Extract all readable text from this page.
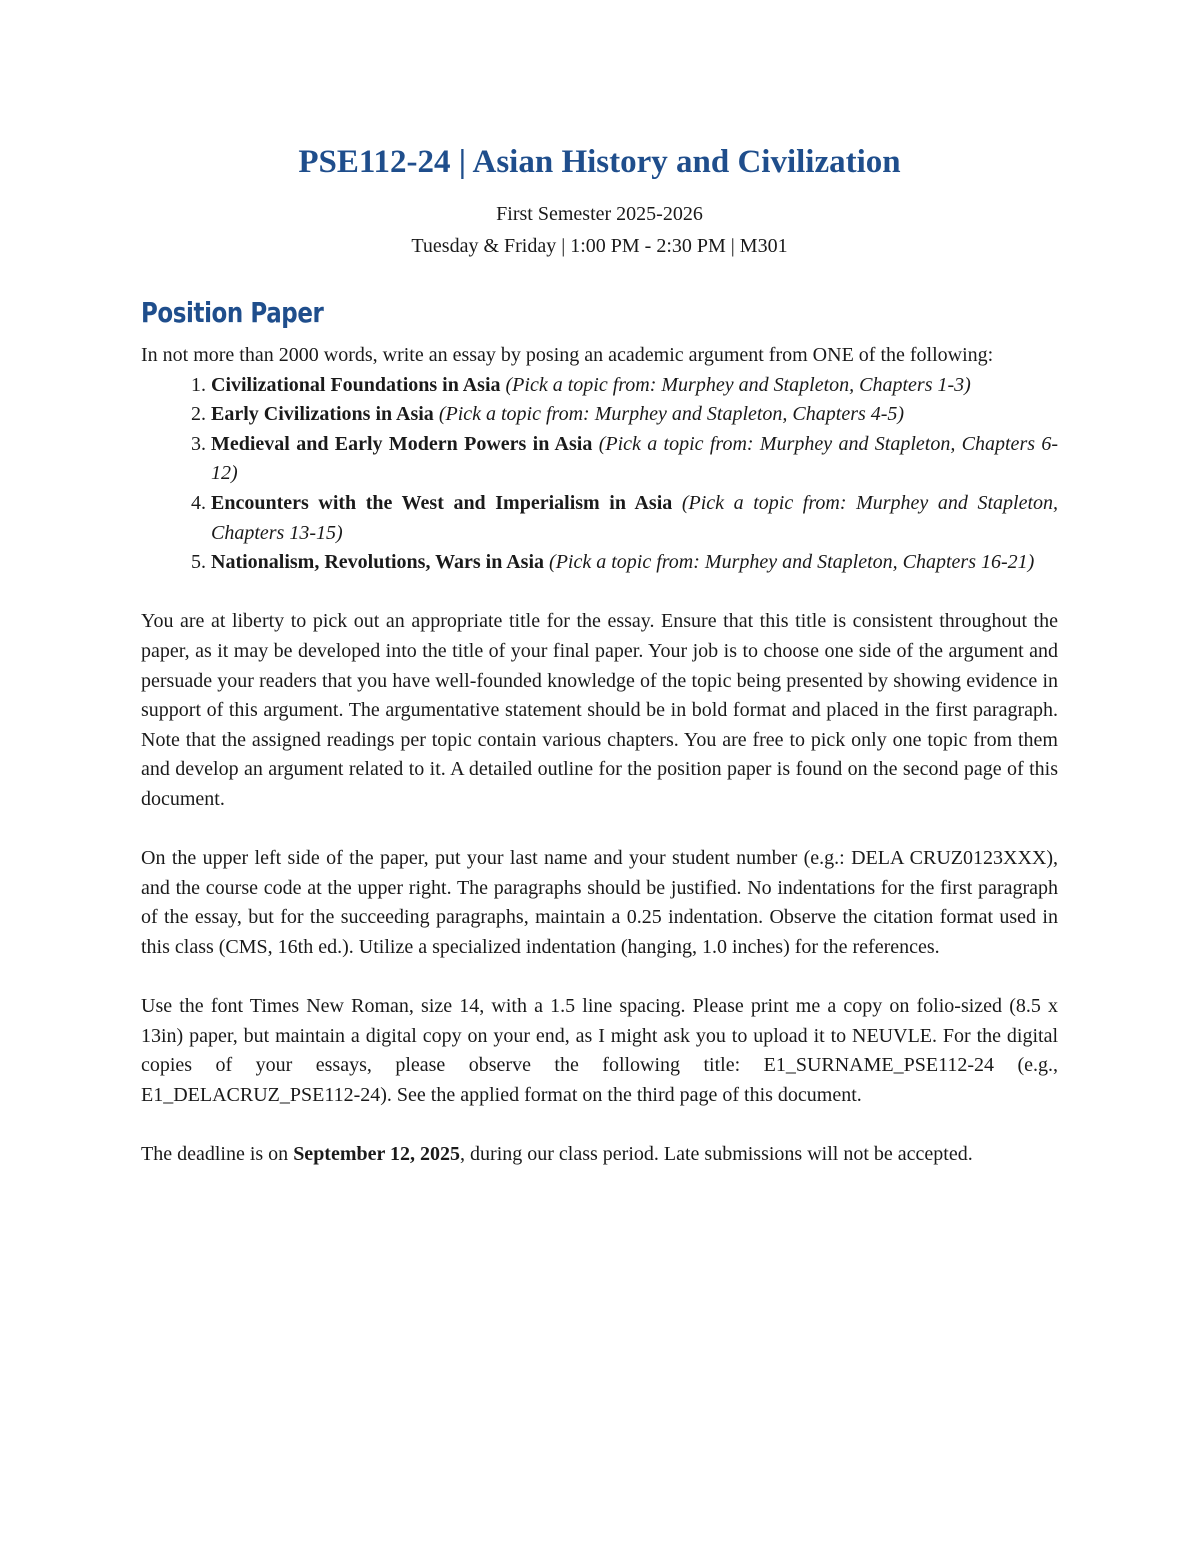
PSE112-24 | Asian History and Civilization

First Semester 2025-2026

Tuesday & Friday | 1:00 PM - 2:30 PM | M301

Position Paper

In not more than 2000 words, write an essay by posing an academic argument from ONE of the following:

1. Civilizational Foundations in Asia (Pick a topic from: Murphey and Stapleton, Chapters 1-3)
2. Early Civilizations in Asia (Pick a topic from: Murphey and Stapleton, Chapters 4-5)
3. Medieval and Early Modern Powers in Asia (Pick a topic from: Murphey and Stapleton, Chapters 6-12)
4. Encounters with the West and Imperialism in Asia (Pick a topic from: Murphey and Stapleton, Chapters 13-15)
5. Nationalism, Revolutions, Wars in Asia (Pick a topic from: Murphey and Stapleton, Chapters 16-21)

You are at liberty to pick out an appropriate title for the essay. Ensure that this title is consistent throughout the paper, as it may be developed into the title of your final paper. Your job is to choose one side of the argument and persuade your readers that you have well-founded knowledge of the topic being presented by showing evidence in support of this argument. The argumentative statement should be in bold format and placed in the first paragraph. Note that the assigned readings per topic contain various chapters. You are free to pick only one topic from them and develop an argument related to it. A detailed outline for the position paper is found on the second page of this document.

On the upper left side of the paper, put your last name and your student number (e.g.: DELA CRUZ0123XXX), and the course code at the upper right. The paragraphs should be justified. No indentations for the first paragraph of the essay, but for the succeeding paragraphs, maintain a 0.25 indentation. Observe the citation format used in this class (CMS, 16th ed.). Utilize a specialized indentation (hanging, 1.0 inches) for the references.

Use the font Times New Roman, size 14, with a 1.5 line spacing. Please print me a copy on folio-sized (8.5 x 13in) paper, but maintain a digital copy on your end, as I might ask you to upload it to NEUVLE. For the digital copies of your essays, please observe the following title: E1_SURNAME_PSE112-24 (e.g., E1_DELACRUZ_PSE112-24). See the applied format on the third page of this document.

The deadline is on September 12, 2025, during our class period. Late submissions will not be accepted.
